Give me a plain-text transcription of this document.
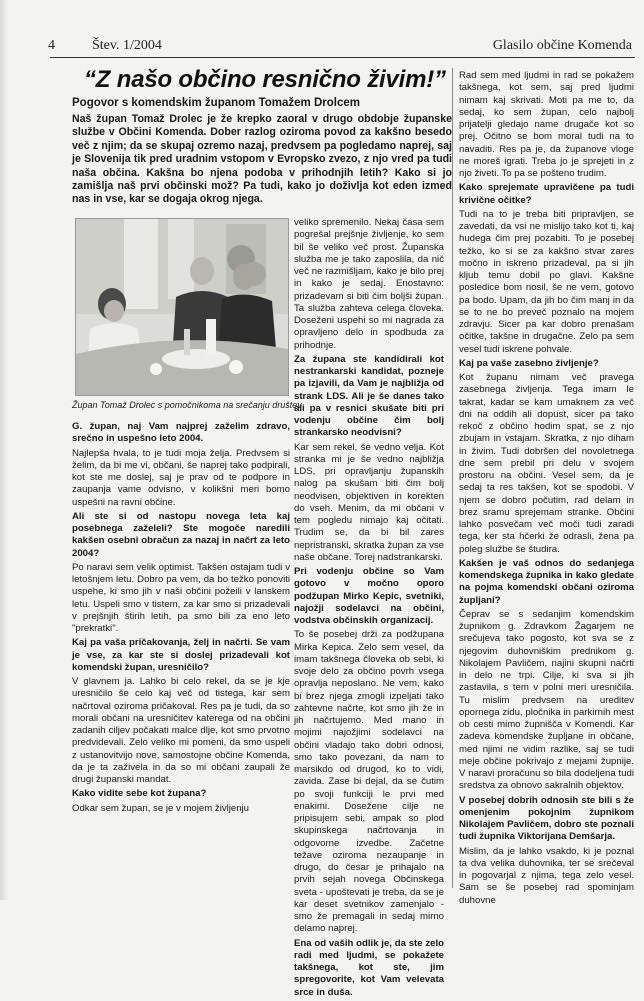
4	Štev. 1/2004	Glasilo občine Komenda
“Z našo občino resnično živim!”
Pogovor s komendskim županom Tomažem Drolcem
Naš župan Tomaž Drolec je že krepko zaoral v drugo obdobje županske službe v Občini Komenda. Dober razlog oziroma povod za kakšno besedo več z njim; da se skupaj ozremo nazaj, predvsem pa pogledamo naprej, saj je Slovenija tik pred uradnim vstopom v Evropsko zvezo, z njo vred pa tudi naša občina. Kakšna bo njena podoba v prihodnjih letih? Kako si jo zamišlja naš prvi občinski mož? Pa tudi, kako jo doživlja kot eden izmed nas in vse, kar se dogaja okrog njega.
Župan Tomaž Drolec s pomočnikoma na srečanju društev

G. župan, naj Vam najprej zaželim zdravo, srečno in uspešno leto 2004.

Najlepša hvala, to je tudi moja želja. Predvsem si želim, da bi me vi, občani, še naprej tako podpirali, kot ste me doslej, saj je prav od te podpore in zaupanja vame odvisno, v kolikšni meri bomo uspešni na ravni občine.

Ali ste si od nastopu novega leta kaj posebnega zaželeli? Ste mogoče naredili kakšen osebni obračun za nazaj in načrt za leto 2004?

Po naravi sem velik optimist. Takšen ostajam tudi v letošnjem letu. Dobro pa vem, da bo težko ponoviti uspehe, ki smo jih v naši občini požeili v lanskem letu. Uspeli smo v tistem, za kar smo si prizadevali v prejšnjih štirih letih, pa smo bili za eno leto "prekratki".

Kaj pa vaša pričakovanja, želj in načrti. Se vam je vse, za kar ste si doslej prizadevali kot komendski župan, uresničilo?

V glavnem ja. Lahko bi celo rekel, da se je kje uresničilo še celo kaj več od tistega, kar sem načrtoval oziroma pričakoval. Res pa je tudi, da so morali občani na uresničitev katerega od na občini zadanih ciljev počakati malce dlje, kot smo prvotno predvidevali. Zelo veliko mi pomeni, da smo uspeli z ustanovitvijo nove, samostojne občine Komenda, da je ta zaživela in da so mi občani zaupali že drugi županski mandat.

Kako vidite sebe kot župana?

Odkar sem župan, se je v mojem življenju

veliko spremenilo. Nekaj časa sem pogrešal prejšnje življenje, ko sem bil še veliko več prost. Županska služba me je tako zaposlila, da nič več ne razmišljam, kako je bilo prej in kako je sedaj. Enostavno: prizadevam si biti čim boljši župan. Ta služba zahteva celega človeka. Doseženi uspehi so mi nagrada za opravljeno delo in spodbuda za prihodnje.

Za župana ste kandidirali kot nestrankarski kandidat, pozneje pa izjavili, da Vam je najbližja od strank LDS. Ali je še danes tako ali pa v resnici skušate biti pri vodenju občine čim bolj strankarsko neodvisni?

Kar sem rekel, še vedno velja. Kot stranka mi je še vedno najbližja LDS, pri opravljanju županskih nalog pa skušam biti čim bolj neodvisen, objektiven in korekten do vseh. Menim, da mi občani v tem pogledu nimajo kaj očitati. Trudim se, da bi bil zares nepristranski, skratka župan za vse naše občane. Torej nadstrankarski.

Pri vodenju občine so Vam gotovo v močno oporo podžupan Mirko Kepic, svetniki, najožji sodelavci na občini, vodstva občinskih organizacij.

To še posebej drži za podžupana Mirka Kepica. Zelo sem vesel, da imam takšnega človeka ob sebi, ki svoje delo za občino povrh vsega opravlja neposlano. Ne vem, kako bi brez njega zmogli izpeljati tako zahtevne načrte, kot smo jih že in jih načrtujemo. Med mano in mojimi najožjimi sodelavci na občini vladajo tako dobri odnosi, smo tako povezani, da nam to marsikdo od drugod, ko to vidi, zavida. Zase bi dejal, da se čutim po svoji funkciji le prvi med enakimi. Dosežene cilje ne pripisujem sebi, ampak so plod skupinskega načrtovanja in odgovorne izvedbe. Začetne težave oziroma nezaupanje in drugo, do česar je prihajalo na prvih sejah novega Občinskega sveta - upoštevati je treba, da se je kar deset svetnikov zamenjalo - smo že premagali in sedaj mirno delamo naprej.

Ena od vaših odlik je, da ste zelo radi med ljudmi, se pokažete takšnega, kot ste, jim spregovorite, kot Vam velevata srce in duša.

Rad sem med ljudmi in rad se pokažem takšnega, kot sem, saj pred ljudmi nimam kaj skrivati. Moti pa me to, da sedaj, ko sem župan, celo najbolj prijatelji gledajo name drugače kot so prej. Očitno se bom moral tudi na to navaditi. Res pa je, da županove vloge ne moreš igrati. Treba jo je sprejeti in z njo živeti. To pa se pošteno trudim.

Kako sprejemate upravičene pa tudi krivične očitke?

Tudi na to je treba biti pripravljen, se zavedati, da vsi ne mislijo tako kot ti, kaj hudega čim prej pozabiti. To je posebej težko, ko si se za kakšno stvar zares močno in iskreno prizadeval, pa si jih kljub temu dobil po glavi. Kakšne posledice bom nosil, še ne vem, gotovo pa bodo. Upam, da jih bo čim manj in da se to ne bo preveč poznalo na mojem zdravju. Sicer pa kar dobro prenašam očitke, takšne in drugačne. Zelo pa sem vesel tudi iskrene pohvale.

Kaj pa vaše zasebno življenje?

Kot županu nimam več pravega zasebnega življenja. Tega imam le takrat, kadar se kam umaknem za več dni na oddih ali dopust, sicer pa tako rekoč z občino hodim spat, se z njo zbujam in vstajam. Skratka, z njo diham in živim. Tudi dobršen del novoletnega dne sem prebil pri delu v svojem prostoru na občini. Vesel sem, da je sedaj ta res takšen, kot se spodobi. V njem se dobro počutim, rad delam in brez sramu sprejemam stranke. Občini lahko posvečam več moči tudi zaradi tega, ker sta hčerki že odrasli, žena pa poleg službe še študira.

Kakšen je vaš odnos do sedanjega komendskega župnika in kako gledate na pojma komendski občani oziroma župljani?

Čeprav se s sedanjim komendskim župnikom g. Zdravkom Žagarjem ne srečujeva tako pogosto, kot sva se z njegovim duhovniškim prednikom g. Nikolajem Pavličem, najini skupni načrti in delo ne trpi. Cilje, ki sva si jih zastavila, s tem v polni meri uresničila. Tu mislim predvsem na ureditev opornega zidu, pločnika in parkirnih mest ob cesti mimo župnišča v Komendi. Kar zadeva komendske župljane in občane, med njimi ne vidim razlike, saj se tudi meje občine pokrivajo z mejami župnije. V naravi proračunu so bila dodeljena tudi sredstva za obnovo sakralnih objektov.

V posebej dobrih odnosih ste bili s že omenjenim pokojnim župnikom Nikolajem Pavličem, dobro ste poznali tudi župnika Viktorijana Demšarja.

Mislim, da je lahko vsakdo, ki je poznal ta dva velika duhovnika, ter se srečeval in pogovarjal z njima, tega zelo vesel. Sam se še posebej rad spominjam duhovne
